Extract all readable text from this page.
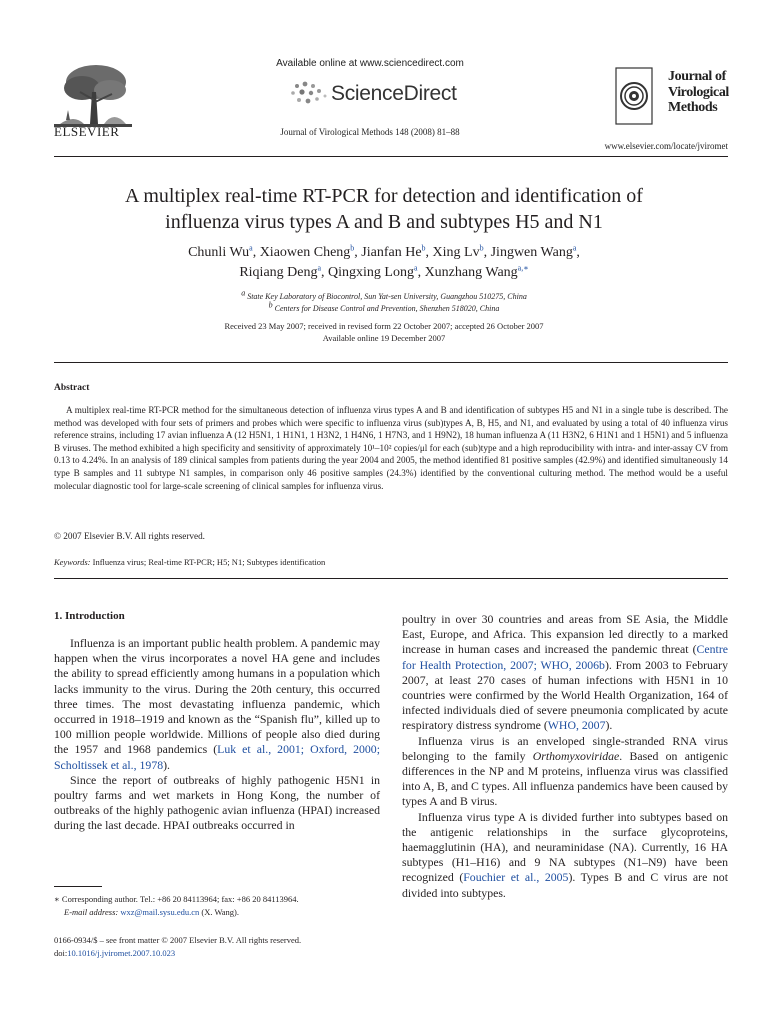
ELSEVIER
Available online at www.sciencedirect.com
ScienceDirect
Journal of Virological Methods 148 (2008) 81–88
Journal of
Virological
Methods
www.elsevier.com/locate/jviromet
A multiplex real-time RT-PCR for detection and identification of
influenza virus types A and B and subtypes H5 and N1
Chunli Wu$^a$, Xiaowen Cheng$^b$, Jianfan He$^b$, Xing Lv$^b$, Jingwen Wang$^a$,
Riqiang Deng$^a$, Qingxing Long$^a$, Xunzhang Wang$^{a,∗}$
a State Key Laboratory of Biocontrol, Sun Yat-sen University, Guangzhou 510275, China
b Centers for Disease Control and Prevention, Shenzhen 518020, China
Received 23 May 2007; received in revised form 22 October 2007; accepted 26 October 2007
Available online 19 December 2007
Abstract

A multiplex real-time RT-PCR method for the simultaneous detection of influenza virus types A and B and identification of subtypes H5 and N1 in a single tube is described. The method was developed with four sets of primers and probes which were specific to influenza virus (sub)types A, B, H5, and N1, and evaluated by using a total of 40 influenza virus reference strains, including 17 avian influenza A (12 H5N1, 1 H1N1, 1 H3N2, 1 H4N6, 1 H7N3, and 1 H9N2), 18 human influenza A (11 H3N2, 6 H1N1 and 1 H5N1) and 5 influenza B viruses. The method exhibited a high specificity and sensitivity of approximately 10¹–10² copies/μl for each (sub)type and a high reproducibility with intra- and inter-assay CV from 0.13 to 4.24%. In an analysis of 189 clinical samples from patients during the year 2004 and 2005, the method identified 81 positive samples (42.9%) and identified simultaneously 14 type B samples and 11 subtype N1 samples, in comparison only 46 positive samples (24.3%) identified by the conventional culturing method. The method would be a useful molecular diagnostic tool for large-scale screening of clinical samples for influenza virus.

© 2007 Elsevier B.V. All rights reserved.
Keywords: Influenza virus; Real-time RT-PCR; H5; N1; Subtypes identification
1. Introduction

Influenza is an important public health problem. A pandemic may happen when the virus incorporates a novel HA gene and includes the ability to spread efficiently among humans in a population which lacks immunity to the virus. During the 20th century, this occurred three times. The most devastating influenza pandemic, which occurred in 1918–1919 and known as the “Spanish flu”, killed up to 100 million people worldwide. Millions of people also died during the 1957 and 1968 pandemics (Luk et al., 2001; Oxford, 2000; Scholtissek et al., 1978).

Since the report of outbreaks of highly pathogenic H5N1 in poultry farms and wet markets in Hong Kong, the number of outbreaks of the highly pathogenic avian influenza (HPAI) increased during the last decade. HPAI outbreaks occurred in

poultry in over 30 countries and areas from SE Asia, the Middle East, Europe, and Africa. This expansion led directly to a marked increase in human cases and increased the pandemic threat (Centre for Health Protection, 2007; WHO, 2006b). From 2003 to February 2007, at least 270 cases of human infections with H5N1 in 10 countries were confirmed by the World Health Organization, 164 of infected individuals died of severe pneumonia complicated by acute respiratory distress syndrome (WHO, 2007).

Influenza virus is an enveloped single-stranded RNA virus belonging to the family Orthomyxoviridae. Based on antigenic differences in the NP and M proteins, influenza virus was classified into A, B, and C types. All influenza pandemics have been caused by types A and B virus.

Influenza virus type A is divided further into subtypes based on the antigenic relationships in the surface glycoproteins, haemagglutinin (HA), and neuraminidase (NA). Currently, 16 HA subtypes (H1–H16) and 9 NA subtypes (N1–N9) have been recognized (Fouchier et al., 2005). Types B and C virus are not divided into subtypes.

∗ Corresponding author. Tel.: +86 20 84113964; fax: +86 20 84113964.
E-mail address: wxz@mail.sysu.edu.cn (X. Wang).
0166-0934/$ – see front matter © 2007 Elsevier B.V. All rights reserved.
doi:10.1016/j.jviromet.2007.10.023
